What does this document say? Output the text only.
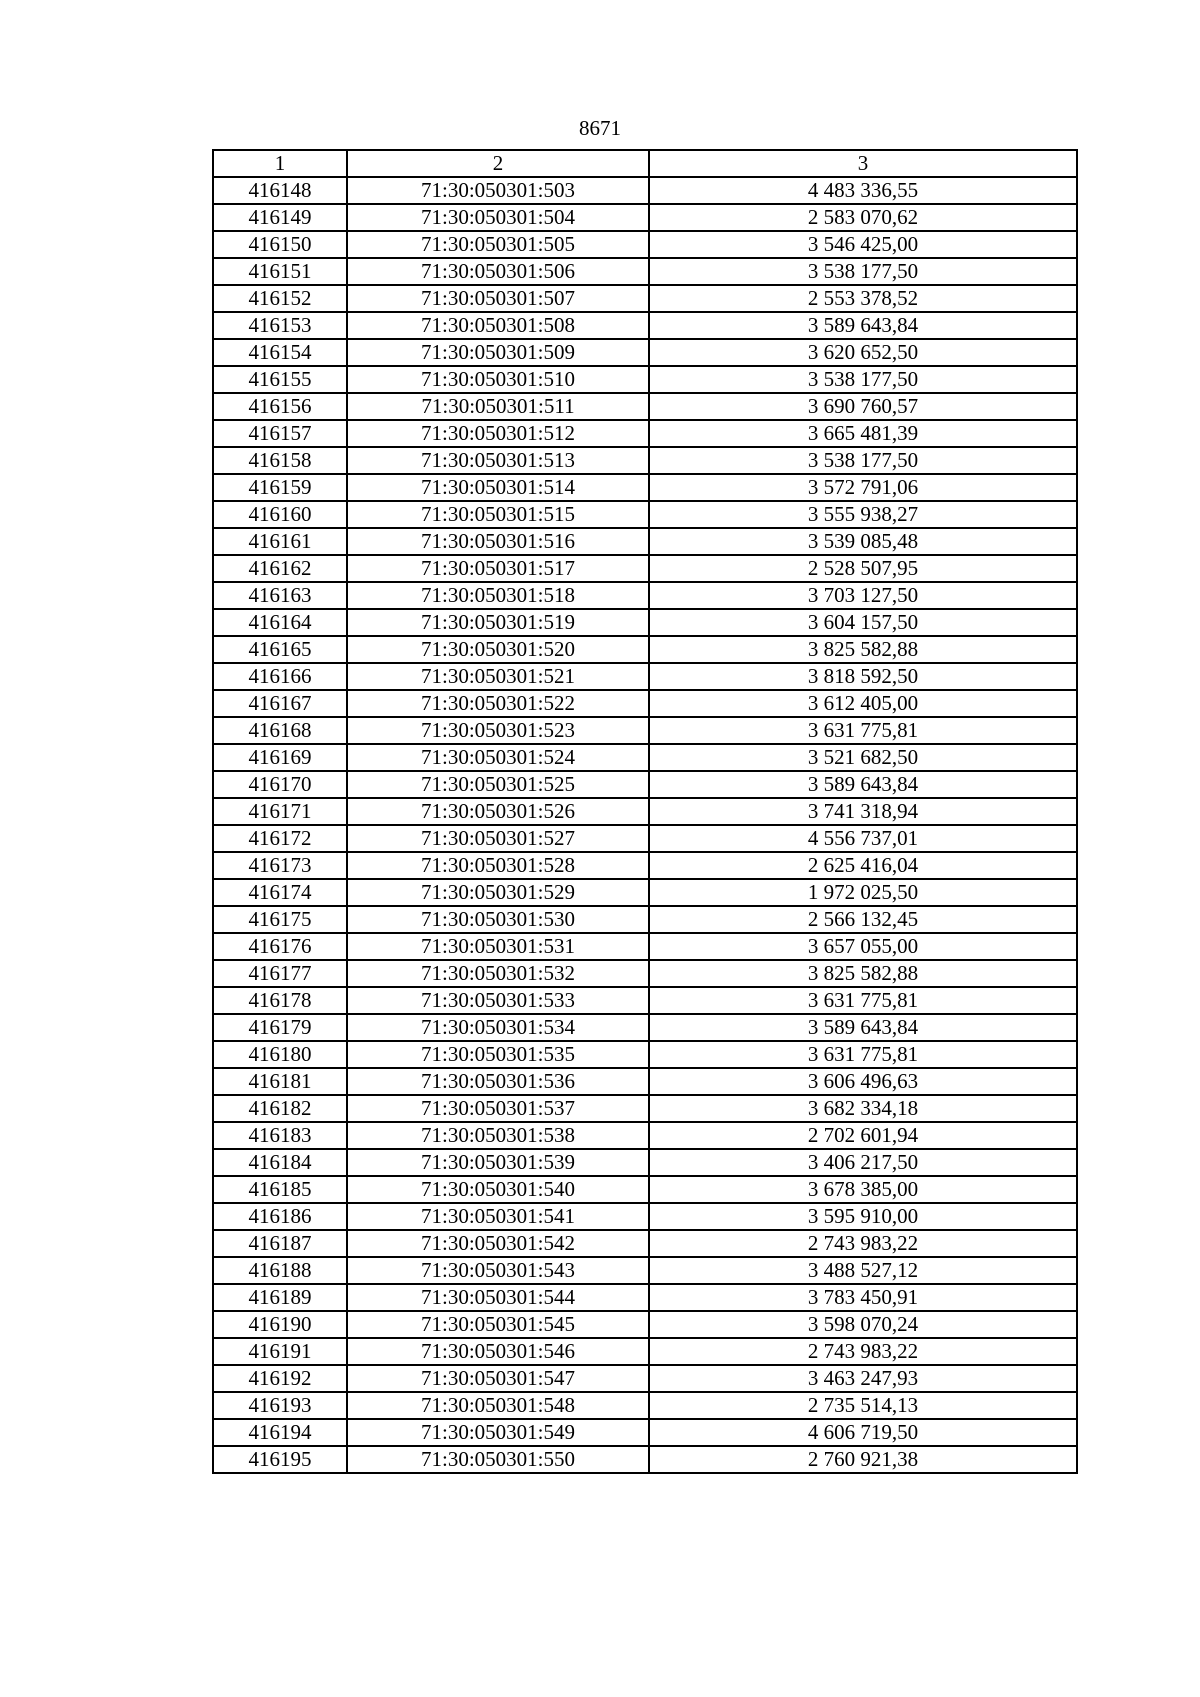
8671
1	2	3
416148	71:30:050301:503	4 483 336,55
416149	71:30:050301:504	2 583 070,62
416150	71:30:050301:505	3 546 425,00
416151	71:30:050301:506	3 538 177,50
416152	71:30:050301:507	2 553 378,52
416153	71:30:050301:508	3 589 643,84
416154	71:30:050301:509	3 620 652,50
416155	71:30:050301:510	3 538 177,50
416156	71:30:050301:511	3 690 760,57
416157	71:30:050301:512	3 665 481,39
416158	71:30:050301:513	3 538 177,50
416159	71:30:050301:514	3 572 791,06
416160	71:30:050301:515	3 555 938,27
416161	71:30:050301:516	3 539 085,48
416162	71:30:050301:517	2 528 507,95
416163	71:30:050301:518	3 703 127,50
416164	71:30:050301:519	3 604 157,50
416165	71:30:050301:520	3 825 582,88
416166	71:30:050301:521	3 818 592,50
416167	71:30:050301:522	3 612 405,00
416168	71:30:050301:523	3 631 775,81
416169	71:30:050301:524	3 521 682,50
416170	71:30:050301:525	3 589 643,84
416171	71:30:050301:526	3 741 318,94
416172	71:30:050301:527	4 556 737,01
416173	71:30:050301:528	2 625 416,04
416174	71:30:050301:529	1 972 025,50
416175	71:30:050301:530	2 566 132,45
416176	71:30:050301:531	3 657 055,00
416177	71:30:050301:532	3 825 582,88
416178	71:30:050301:533	3 631 775,81
416179	71:30:050301:534	3 589 643,84
416180	71:30:050301:535	3 631 775,81
416181	71:30:050301:536	3 606 496,63
416182	71:30:050301:537	3 682 334,18
416183	71:30:050301:538	2 702 601,94
416184	71:30:050301:539	3 406 217,50
416185	71:30:050301:540	3 678 385,00
416186	71:30:050301:541	3 595 910,00
416187	71:30:050301:542	2 743 983,22
416188	71:30:050301:543	3 488 527,12
416189	71:30:050301:544	3 783 450,91
416190	71:30:050301:545	3 598 070,24
416191	71:30:050301:546	2 743 983,22
416192	71:30:050301:547	3 463 247,93
416193	71:30:050301:548	2 735 514,13
416194	71:30:050301:549	4 606 719,50
416195	71:30:050301:550	2 760 921,38
